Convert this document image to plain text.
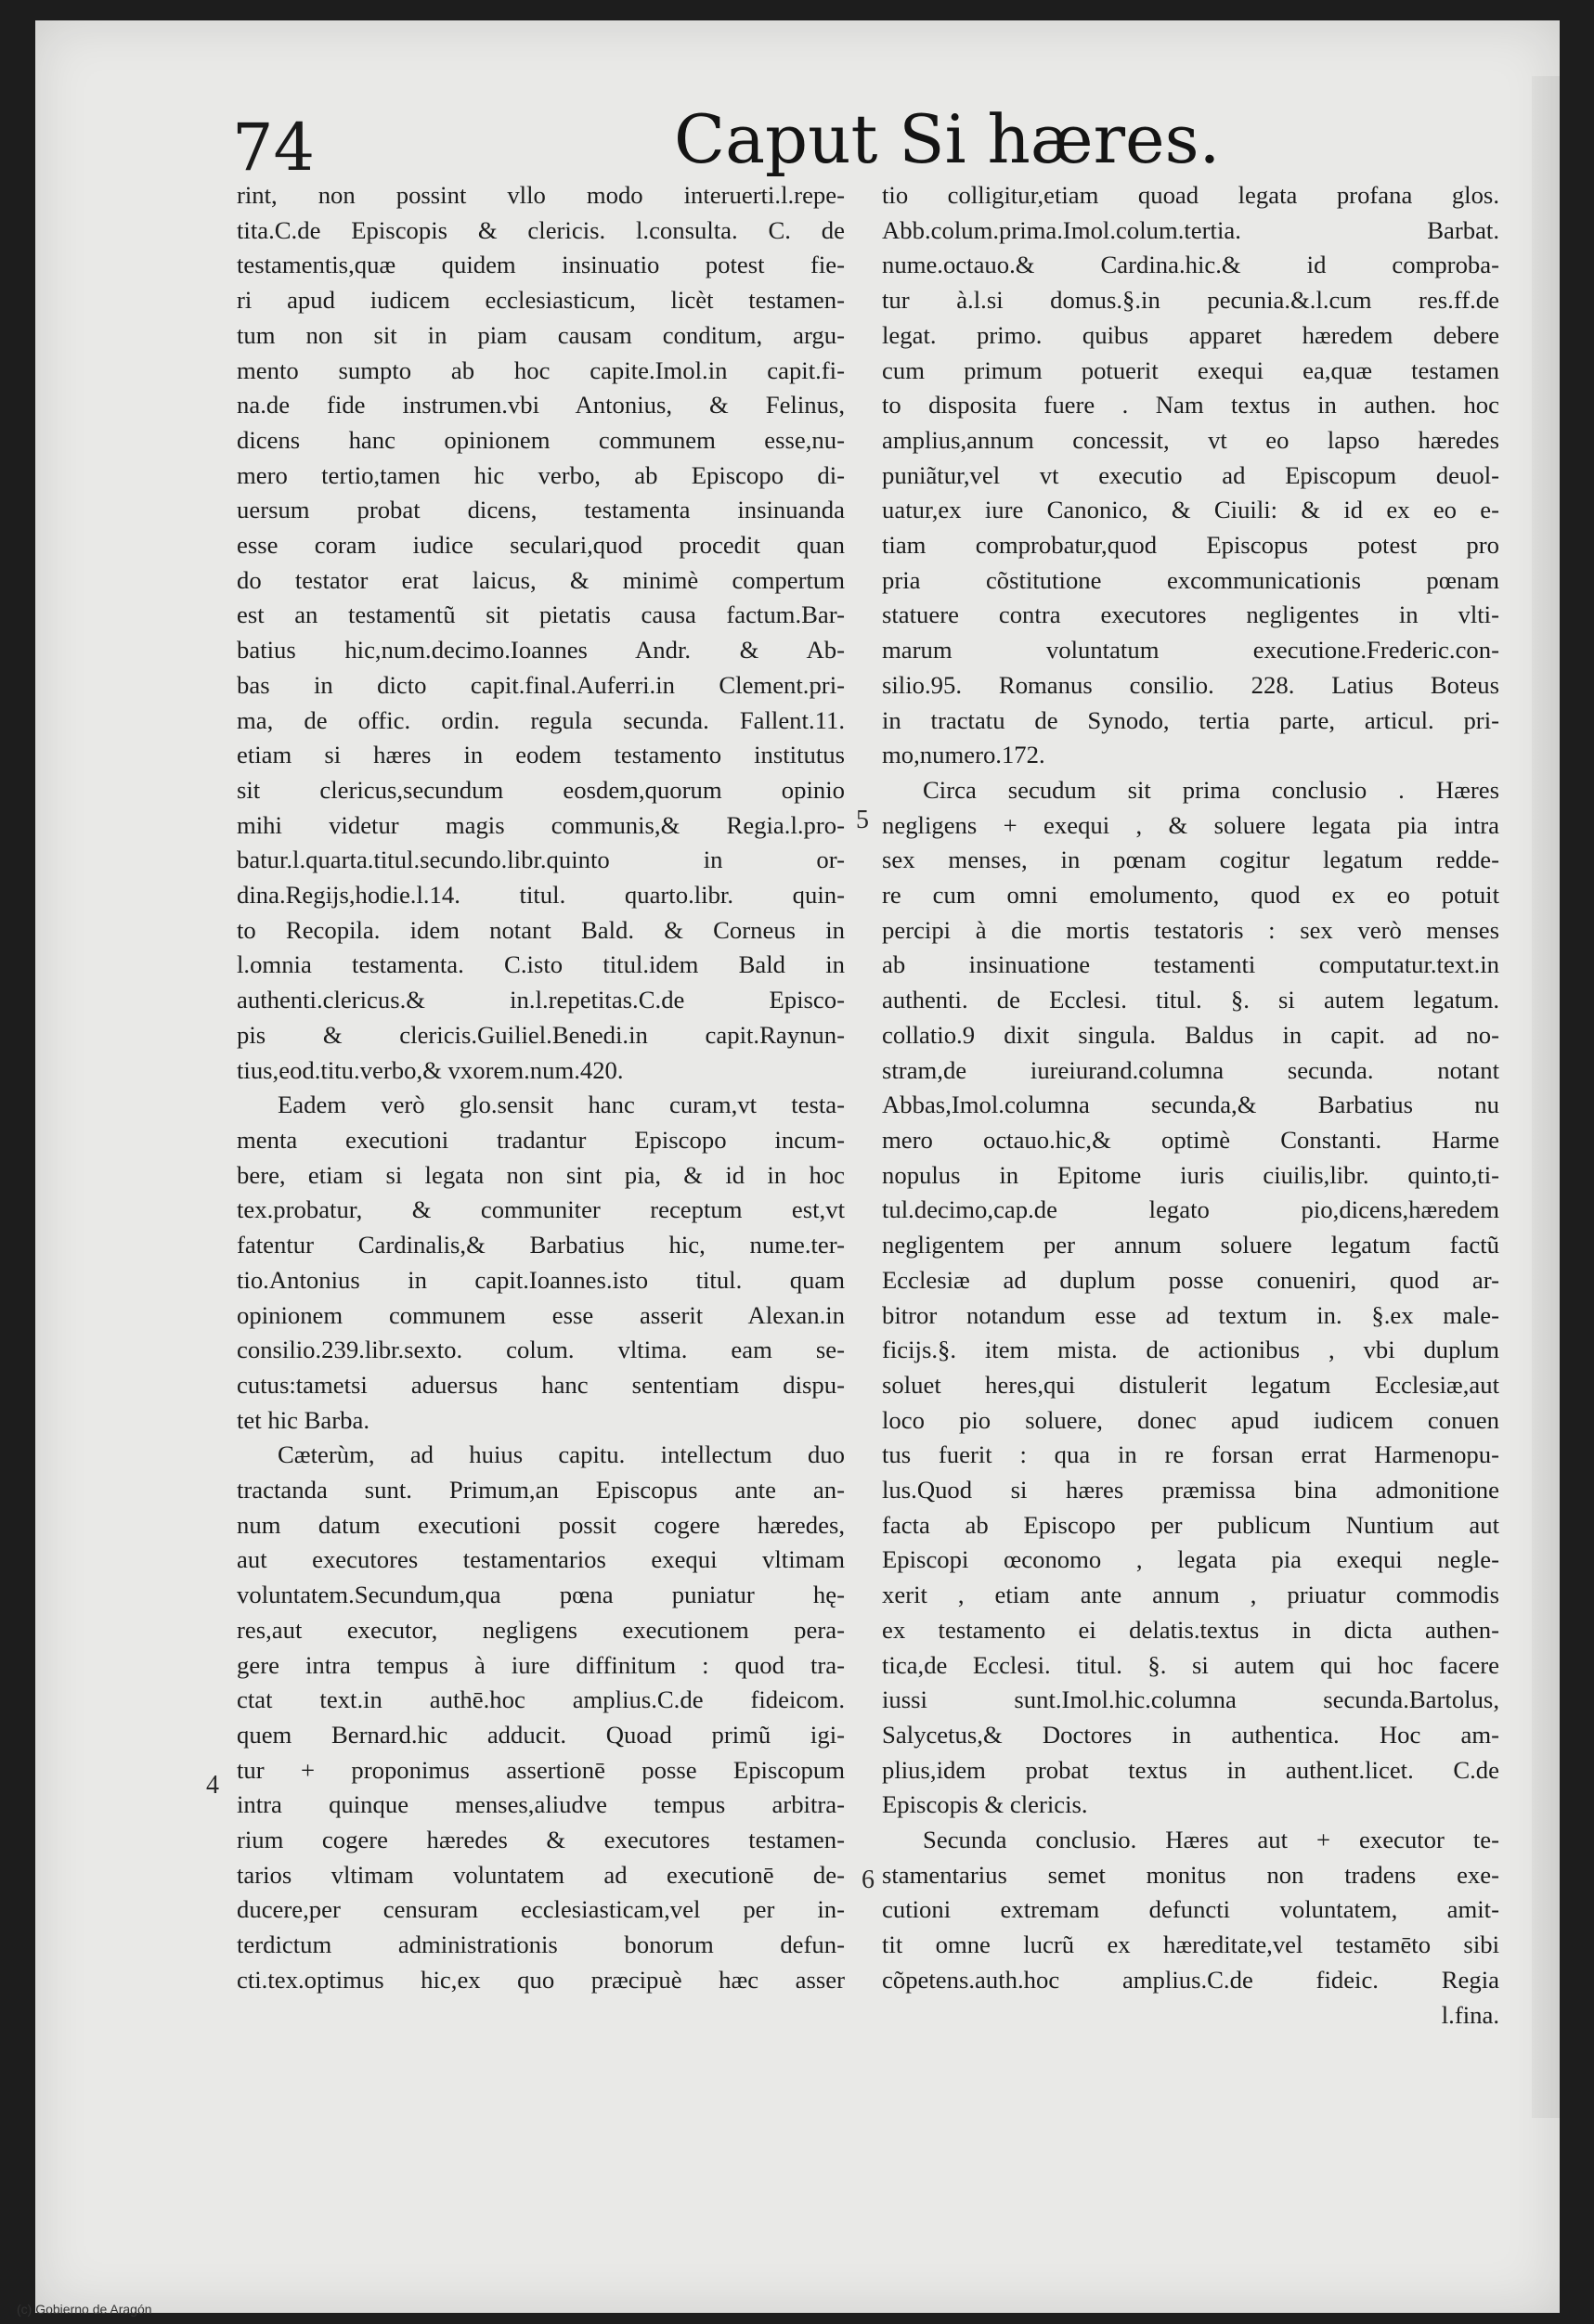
74	Caput Si hæres.

rint, non possint vllo modo interuerti.l.repe-

tita.C.de Episcopis & clericis. l.consulta. C. de

testamentis,quæ quidem insinuatio potest fie-

ri apud iudicem ecclesiasticum, licèt testamen-

tum non sit in piam causam conditum, argu-

mento sumpto ab hoc capite.Imol.in capit.fi-

na.de fide instrumen.vbi Antonius, & Felinus,

dicens hanc opinionem communem esse,nu-

mero tertio,tamen hic verbo, ab Episcopo di-

uersum probat dicens, testamenta insinuanda

esse coram iudice seculari,quod procedit quan

do testator erat laicus, & minimè compertum

est an testamentũ sit pietatis causa factum.Bar-

batius hic,num.decimo.Ioannes Andr. & Ab-

bas in dicto capit.final.Auferri.in Clement.pri-

ma, de offic. ordin. regula secunda. Fallent.11.

etiam si hæres in eodem testamento institutus

sit clericus,secundum eosdem,quorum opinio

mihi videtur magis communis,& Regia.l.pro-

batur.l.quarta.titul.secundo.libr.quinto in or-

dina.Regijs,hodie.l.14. titul. quarto.libr. quin-

to Recopila. idem notant Bald. & Corneus in

l.omnia testamenta. C.isto titul.idem Bald in

authenti.clericus.& in.l.repetitas.C.de Episco-

pis & clericis.Guiliel.Benedi.in capit.Raynun-

tius,eod.titu.verbo,& vxorem.num.420.

Eadem verò glo.sensit hanc curam,vt testa-

menta executioni tradantur Episcopo incum-

bere, etiam si legata non sint pia, & id in hoc

tex.probatur, & communiter receptum est,vt

fatentur Cardinalis,& Barbatius hic, nume.ter-

tio.Antonius in capit.Ioannes.isto titul. quam

opinionem communem esse asserit Alexan.in

consilio.239.libr.sexto. colum. vltima. eam se-

cutus:tametsi aduersus hanc sententiam dispu-

tet hic Barba.

Cæterùm, ad huius capitu. intellectum duo

tractanda sunt. Primum,an Episcopus ante an-

num datum executioni possit cogere hæredes,

aut executores testamentarios exequi vltimam

voluntatem.Secundum,qua pœna puniatur hę-

res,aut executor, negligens executionem pera-

gere intra tempus à iure diffinitum : quod tra-

ctat text.in authē.hoc amplius.C.de fideicom.

quem Bernard.hic adducit. Quoad primũ igi-

tur + proponimus assertionē posse Episcopum

intra quinque menses,aliudve tempus arbitra-

rium cogere hæredes & executores testamen-

tarios vltimam voluntatem ad executionē de-

ducere,per censuram ecclesiasticam,vel per in-

terdictum administrationis bonorum defun-

cti.tex.optimus hic,ex quo præcipuè hæc asser

tio colligitur,etiam quoad legata profana glos.

Abb.colum.prima.Imol.colum.tertia. Barbat.

nume.octauo.& Cardina.hic.& id comproba-

tur à.l.si domus.§.in pecunia.&.l.cum res.ff.de

legat. primo. quibus apparet hæredem debere

cum primum potuerit exequi ea,quæ testamen

to disposita fuere . Nam textus in authen. hoc

amplius,annum concessit, vt eo lapso hæredes

puniãtur,vel vt executio ad Episcopum deuol-

uatur,ex iure Canonico, & Ciuili: & id ex eo e-

tiam comprobatur,quod Episcopus potest pro

pria cõstitutione excommunicationis pœnam

statuere contra executores negligentes in vlti-

marum voluntatum executione.Frederic.con-

silio.95. Romanus consilio. 228. Latius Boteus

in tractatu de Synodo, tertia parte, articul. pri-

mo,numero.172.

Circa secudum sit prima conclusio . Hæres

negligens + exequi , & soluere legata pia intra

sex menses, in pœnam cogitur legatum redde-

re cum omni emolumento, quod ex eo potuit

percipi à die mortis testatoris : sex verò menses

ab insinuatione testamenti computatur.text.in

authenti. de Ecclesi. titul. §. si autem legatum.

collatio.9 dixit singula. Baldus in capit. ad no-

stram,de iureiurand.columna secunda. notant

Abbas,Imol.columna secunda,& Barbatius nu

mero octauo.hic,& optimè Constanti. Harme

nopulus in Epitome iuris ciuilis,libr. quinto,ti-

tul.decimo,cap.de legato pio,dicens,hæredem

negligentem per annum soluere legatum factũ

Ecclesiæ ad duplum posse conueniri, quod ar-

bitror notandum esse ad textum in. §.ex male-

ficijs.§. item mista. de actionibus , vbi duplum

soluet heres,qui distulerit legatum Ecclesiæ,aut

loco pio soluere, donec apud iudicem conuen

tus fuerit : qua in re forsan errat Harmenopu-

lus.Quod si hæres præmissa bina admonitione

facta ab Episcopo per publicum Nuntium aut

Episcopi œconomo , legata pia exequi negle-

xerit , etiam ante annum , priuatur commodis

ex testamento ei delatis.textus in dicta authen-

tica,de Ecclesi. titul. §. si autem qui hoc facere

iussi sunt.Imol.hic.columna secunda.Bartolus,

Salycetus,& Doctores in authentica. Hoc am-

plius,idem probat textus in authent.licet. C.de

Episcopis & clericis.

Secunda conclusio. Hæres aut + executor te-

stamentarius semet monitus non tradens exe-

cutioni extremam defuncti voluntatem, amit-

tit omne lucrũ ex hæreditate,vel testamēto sibi

cõpetens.auth.hoc amplius.C.de fideic. Regia

l.fina.

4
5
6
(c) Gobierno de Aragón
